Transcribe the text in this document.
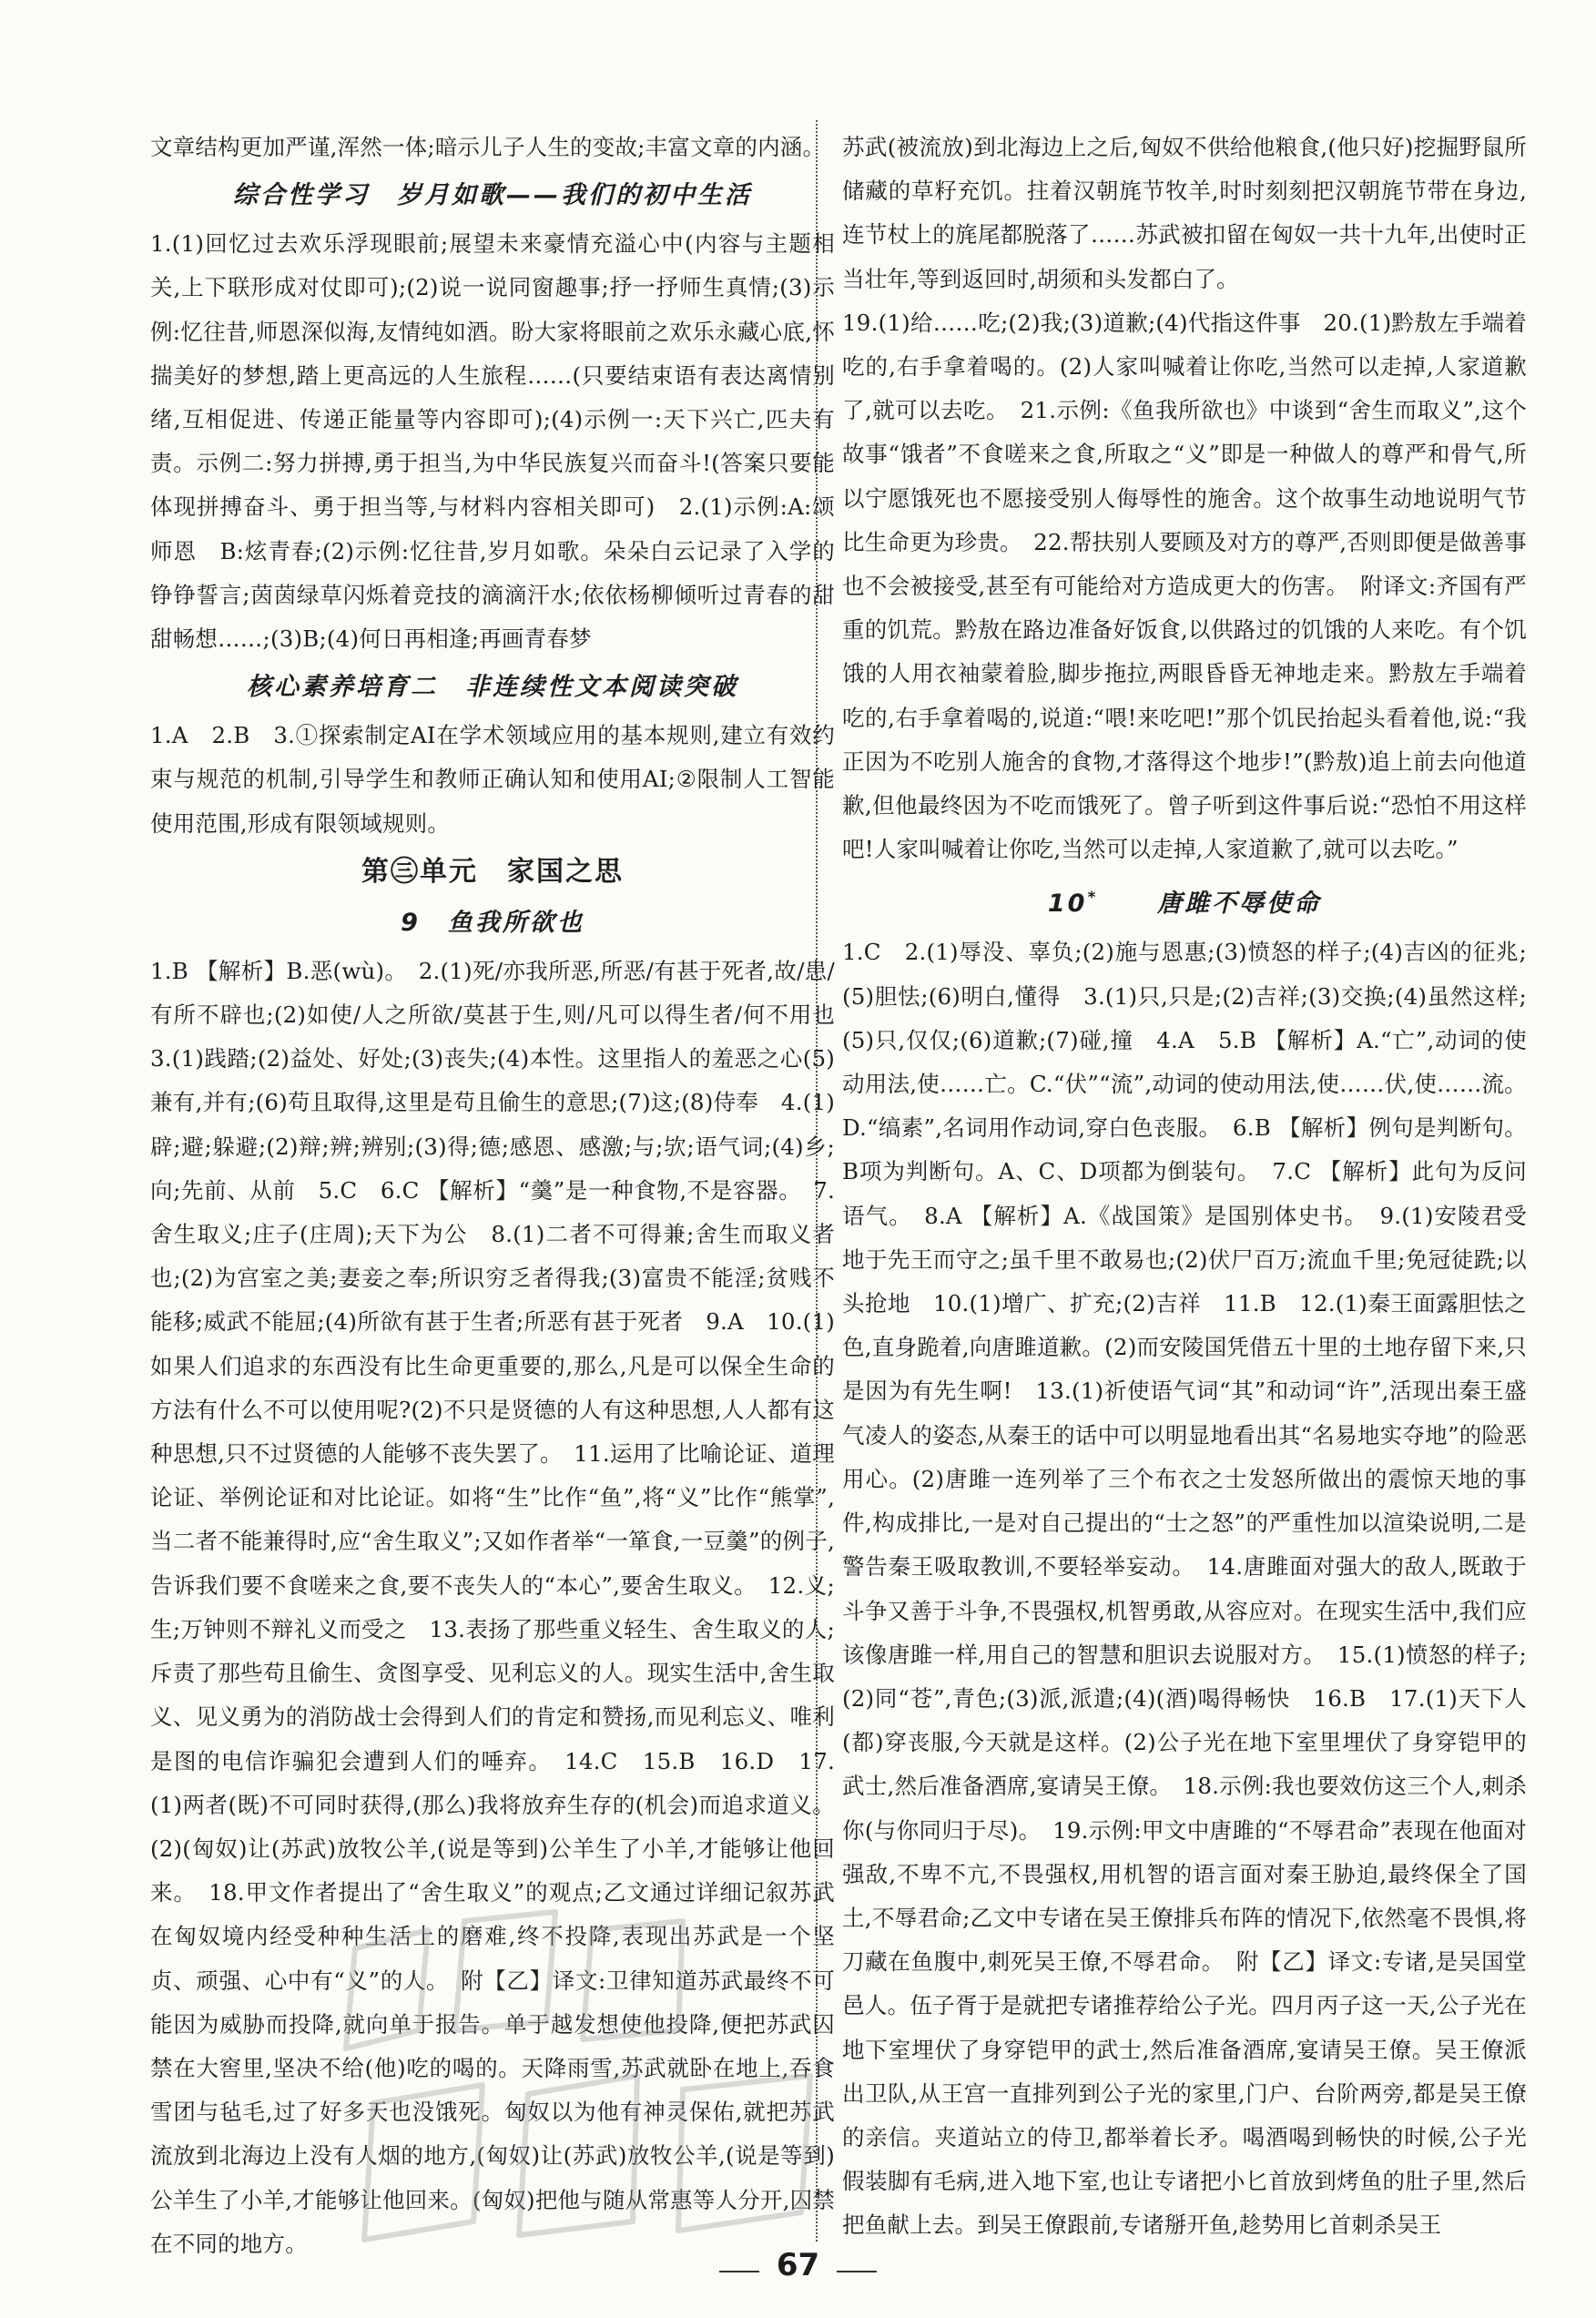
文章结构更加严谨,浑然一体;暗示儿子人生的变故;丰富文章的内涵。

综合性学习　岁月如歌——我们的初中生活

1.(1)回忆过去欢乐浮现眼前;展望未来豪情充溢心中(内容与主题相关,上下联形成对仗即可);(2)说一说同窗趣事;抒一抒师生真情;(3)示例:忆往昔,师恩深似海,友情纯如酒。盼大家将眼前之欢乐永藏心底,怀揣美好的梦想,踏上更高远的人生旅程……(只要结束语有表达离情别绪,互相促进、传递正能量等内容即可);(4)示例一:天下兴亡,匹夫有责。示例二:努力拼搏,勇于担当,为中华民族复兴而奋斗!(答案只要能体现拼搏奋斗、勇于担当等,与材料内容相关即可)　2.(1)示例:A:颂师恩　B:炫青春;(2)示例:忆往昔,岁月如歌。朵朵白云记录了入学的铮铮誓言;茵茵绿草闪烁着竞技的滴滴汗水;依依杨柳倾听过青春的甜甜畅想……;(3)B;(4)何日再相逢;再画青春梦

核心素养培育二　非连续性文本阅读突破

1.A　2.B　3.①探索制定AI在学术领域应用的基本规则,建立有效约束与规范的机制,引导学生和教师正确认知和使用AI;②限制人工智能使用范围,形成有限领域规则。

第㊂单元　家国之思
9　鱼我所欲也

1.B 【解析】B.恶(wù)。　2.(1)死/亦我所恶,所恶/有甚于死者,故/患/有所不辟也;(2)如使/人之所欲/莫甚于生,则/凡可以得生者/何不用也　3.(1)践踏;(2)益处、好处;(3)丧失;(4)本性。这里指人的羞恶之心(5)兼有,并有;(6)苟且取得,这里是苟且偷生的意思;(7)这;(8)侍奉　4.(1)辟;避;躲避;(2)辩;辨;辨别;(3)得;德;感恩、感激;与;欤;语气词;(4)乡;向;先前、从前　5.C　6.C 【解析】“羹”是一种食物,不是容器。　7.舍生取义;庄子(庄周);天下为公　8.(1)二者不可得兼;舍生而取义者也;(2)为宫室之美;妻妾之奉;所识穷乏者得我;(3)富贵不能淫;贫贱不能移;威武不能屈;(4)所欲有甚于生者;所恶有甚于死者　9.A　10.(1)如果人们追求的东西没有比生命更重要的,那么,凡是可以保全生命的方法有什么不可以使用呢?(2)不只是贤德的人有这种思想,人人都有这种思想,只不过贤德的人能够不丧失罢了。　11.运用了比喻论证、道理论证、举例论证和对比论证。如将“生”比作“鱼”,将“义”比作“熊掌”,当二者不能兼得时,应“舍生取义”;又如作者举“一箪食,一豆羹”的例子,告诉我们要不食嗟来之食,要不丧失人的“本心”,要舍生取义。　12.义;生;万钟则不辩礼义而受之　13.表扬了那些重义轻生、舍生取义的人;斥责了那些苟且偷生、贪图享受、见利忘义的人。现实生活中,舍生取义、见义勇为的消防战士会得到人们的肯定和赞扬,而见利忘义、唯利是图的电信诈骗犯会遭到人们的唾弃。　14.C　15.B　16.D　17.(1)两者(既)不可同时获得,(那么)我将放弃生存的(机会)而追求道义。(2)(匈奴)让(苏武)放牧公羊,(说是等到)公羊生了小羊,才能够让他回来。　18.甲文作者提出了“舍生取义”的观点;乙文通过详细记叙苏武在匈奴境内经受种种生活上的磨难,终不投降,表现出苏武是一个坚贞、顽强、心中有“义”的人。　附【乙】译文:卫律知道苏武最终不可能因为威胁而投降,就向单于报告。单于越发想使他投降,便把苏武囚禁在大窖里,坚决不给(他)吃的喝的。天降雨雪,苏武就卧在地上,吞食雪团与毡毛,过了好多天也没饿死。匈奴以为他有神灵保佑,就把苏武流放到北海边上没有人烟的地方,(匈奴)让(苏武)放牧公羊,(说是等到)公羊生了小羊,才能够让他回来。(匈奴)把他与随从常惠等人分开,囚禁在不同的地方。

苏武(被流放)到北海边上之后,匈奴不供给他粮食,(他只好)挖掘野鼠所储藏的草籽充饥。拄着汉朝旄节牧羊,时时刻刻把汉朝旄节带在身边,连节杖上的旄尾都脱落了……苏武被扣留在匈奴一共十九年,出使时正当壮年,等到返回时,胡须和头发都白了。

19.(1)给……吃;(2)我;(3)道歉;(4)代指这件事　20.(1)黔敖左手端着吃的,右手拿着喝的。(2)人家叫喊着让你吃,当然可以走掉,人家道歉了,就可以去吃。　21.示例:《鱼我所欲也》中谈到“舍生而取义”,这个故事“饿者”不食嗟来之食,所取之“义”即是一种做人的尊严和骨气,所以宁愿饿死也不愿接受别人侮辱性的施舍。这个故事生动地说明气节比生命更为珍贵。　22.帮扶别人要顾及对方的尊严,否则即便是做善事也不会被接受,甚至有可能给对方造成更大的伤害。　附译文:齐国有严重的饥荒。黔敖在路边准备好饭食,以供路过的饥饿的人来吃。有个饥饿的人用衣袖蒙着脸,脚步拖拉,两眼昏昏无神地走来。黔敖左手端着吃的,右手拿着喝的,说道:“喂!来吃吧!”那个饥民抬起头看着他,说:“我正因为不吃别人施舍的食物,才落得这个地步!”(黔敖)追上前去向他道歉,但他最终因为不吃而饿死了。曾子听到这件事后说:“恐怕不用这样吧!人家叫喊着让你吃,当然可以走掉,人家道歉了,就可以去吃。”

10* 唐雎不辱使命

1.C　2.(1)辱没、辜负;(2)施与恩惠;(3)愤怒的样子;(4)吉凶的征兆;(5)胆怯;(6)明白,懂得　3.(1)只,只是;(2)吉祥;(3)交换;(4)虽然这样;(5)只,仅仅;(6)道歉;(7)碰,撞　4.A　5.B 【解析】A.“亡”,动词的使动用法,使……亡。C.“伏”“流”,动词的使动用法,使……伏,使……流。D.“缟素”,名词用作动词,穿白色丧服。　6.B 【解析】例句是判断句。B项为判断句。A、C、D项都为倒装句。　7.C 【解析】此句为反问语气。　8.A 【解析】A.《战国策》是国别体史书。　9.(1)安陵君受地于先王而守之;虽千里不敢易也;(2)伏尸百万;流血千里;免冠徒跣;以头抢地　10.(1)增广、扩充;(2)吉祥　11.B　12.(1)秦王面露胆怯之色,直身跪着,向唐雎道歉。(2)而安陵国凭借五十里的土地存留下来,只是因为有先生啊!　13.(1)祈使语气词“其”和动词“许”,活现出秦王盛气凌人的姿态,从秦王的话中可以明显地看出其“名易地实夺地”的险恶用心。(2)唐雎一连列举了三个布衣之士发怒所做出的震惊天地的事件,构成排比,一是对自己提出的“士之怒”的严重性加以渲染说明,二是警告秦王吸取教训,不要轻举妄动。　14.唐雎面对强大的敌人,既敢于斗争又善于斗争,不畏强权,机智勇敢,从容应对。在现实生活中,我们应该像唐雎一样,用自己的智慧和胆识去说服对方。　15.(1)愤怒的样子;(2)同“苍”,青色;(3)派,派遣;(4)(酒)喝得畅快　16.B　17.(1)天下人(都)穿丧服,今天就是这样。(2)公子光在地下室里埋伏了身穿铠甲的武士,然后准备酒席,宴请吴王僚。　18.示例:我也要效仿这三个人,刺杀你(与你同归于尽)。　19.示例:甲文中唐雎的“不辱君命”表现在他面对强敌,不卑不亢,不畏强权,用机智的语言面对秦王胁迫,最终保全了国土,不辱君命;乙文中专诸在吴王僚排兵布阵的情况下,依然毫不畏惧,将刀藏在鱼腹中,刺死吴王僚,不辱君命。　附【乙】译文:专诸,是吴国堂邑人。伍子胥于是就把专诸推荐给公子光。四月丙子这一天,公子光在地下室埋伏了身穿铠甲的武士,然后准备酒席,宴请吴王僚。吴王僚派出卫队,从王宫一直排列到公子光的家里,门户、台阶两旁,都是吴王僚的亲信。夹道站立的侍卫,都举着长矛。喝酒喝到畅快的时候,公子光假装脚有毛病,进入地下室,也让专诸把小匕首放到烤鱼的肚子里,然后把鱼献上去。到吴王僚跟前,专诸掰开鱼,趁势用匕首刺杀吴王

67
